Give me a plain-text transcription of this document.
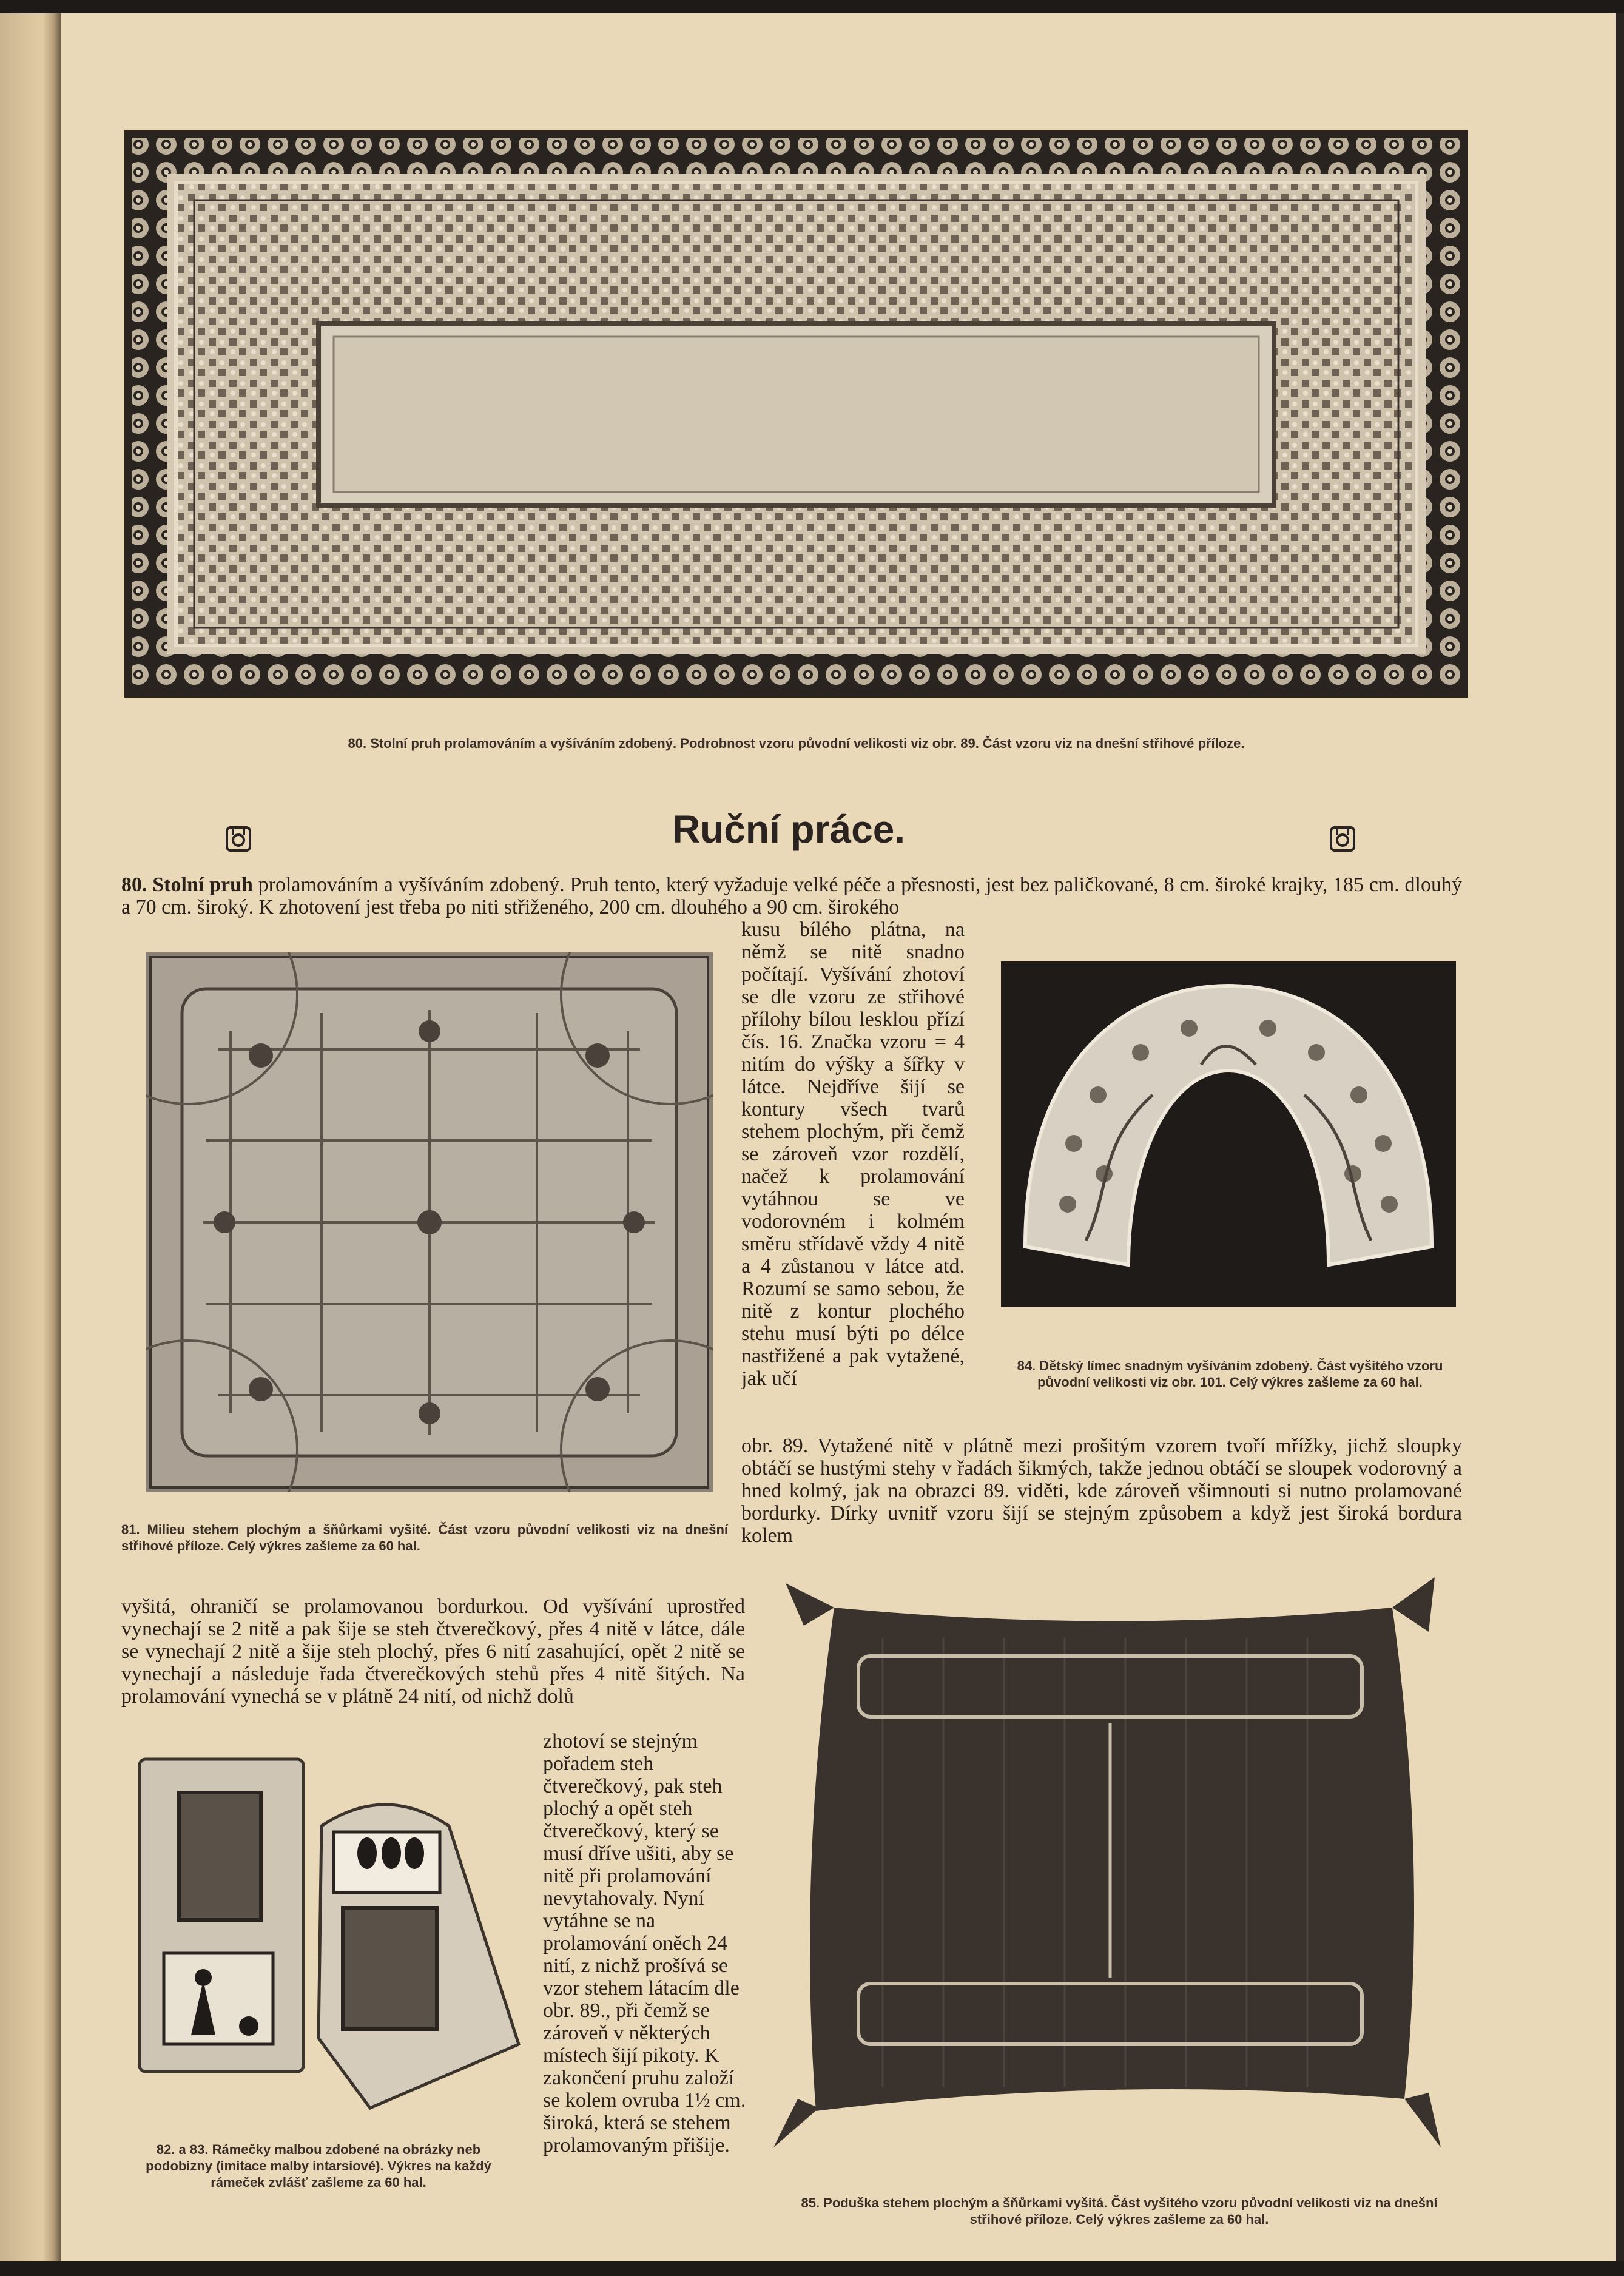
80. Stolní pruh prolamováním a vyšíváním zdobený. Podrobnost vzoru původní velikosti viz obr. 89. Část vzoru viz na dnešní střihové příloze.
Ruční práce.
80. Stolní pruh prolamováním a vyšíváním zdobený. Pruh tento, který vyžaduje velké péče a přesnosti, jest bez paličkované, 8 cm. široké krajky, 185 cm. dlouhý a 70 cm. široký. K zhotovení jest třeba po niti střiženého, 200 cm. dlouhého a 90 cm. širokého
81. Milieu stehem plochým a šňůrkami vyšité. Část vzoru původní velikosti viz na dnešní střihové příloze. Celý výkres zašleme za 60 hal.
kusu bílého plátna, na němž se nitě snadno počítají. Vyšívání zhotoví se dle vzoru ze střihové přílohy bílou lesklou přízí čís. 16. Značka vzoru = 4 nitím do výšky a šířky v látce. Nejdříve šijí se kontury všech tvarů stehem plochým, při čemž se zároveň vzor rozdělí, načež k prolamování vytáhnou se ve vodorovném i kolmém směru střídavě vždy 4 nitě a 4 zůstanou v látce atd. Rozumí se samo sebou, že nitě z kontur plochého stehu musí býti po délce nastřižené a pak vytažené, jak učí
84. Dětský límec snadným vyšíváním zdobený. Část vyšitého vzoru původní velikosti viz obr. 101. Celý výkres zašleme za 60 hal.
obr. 89. Vytažené nitě v plátně mezi prošitým vzorem tvoří mřížky, jichž sloupky obtáčí se hustými stehy v řadách šikmých, takže jednou obtáčí se sloupek vodorovný a hned kolmý, jak na obrazci 89. viděti, kde zároveň všimnouti si nutno prolamované bordurky. Dírky uvnitř vzoru šijí se stejným způsobem a když jest široká bordura kolem
vyšitá, ohraničí se prolamovanou bordurkou. Od vyšívání uprostřed vynechají se 2 nitě a pak šije se steh čtverečkový, přes 4 nitě v látce, dále se vynechají 2 nitě a šije steh plochý, přes 6 nití zasahující, opět 2 nitě se vynechají a následuje řada čtverečkových stehů přes 4 nitě šitých. Na prolamování vynechá se v plátně 24 nití, od nichž dolů
82. a 83. Rámečky malbou zdobené na obrázky neb podobizny (imitace malby intarsiové). Výkres na každý rámeček zvlášť zašleme za 60 hal.
zhotoví se stejným pořadem steh čtverečkový, pak steh plochý a opět steh čtverečkový, který se musí dříve ušiti, aby se nitě při prolamování nevytahovaly. Nyní vytáhne se na prolamování oněch 24 nití, z nichž prošívá se vzor stehem látacím dle obr. 89., při čemž se zároveň v některých místech šijí pikoty. K zakončení pruhu založí se kolem ovruba 1½ cm. široká, která se stehem prolamovaným přišije.
85. Poduška stehem plochým a šňůrkami vyšitá. Část vyšitého vzoru původní velikosti viz na dnešní střihové příloze. Celý výkres zašleme za 60 hal.
